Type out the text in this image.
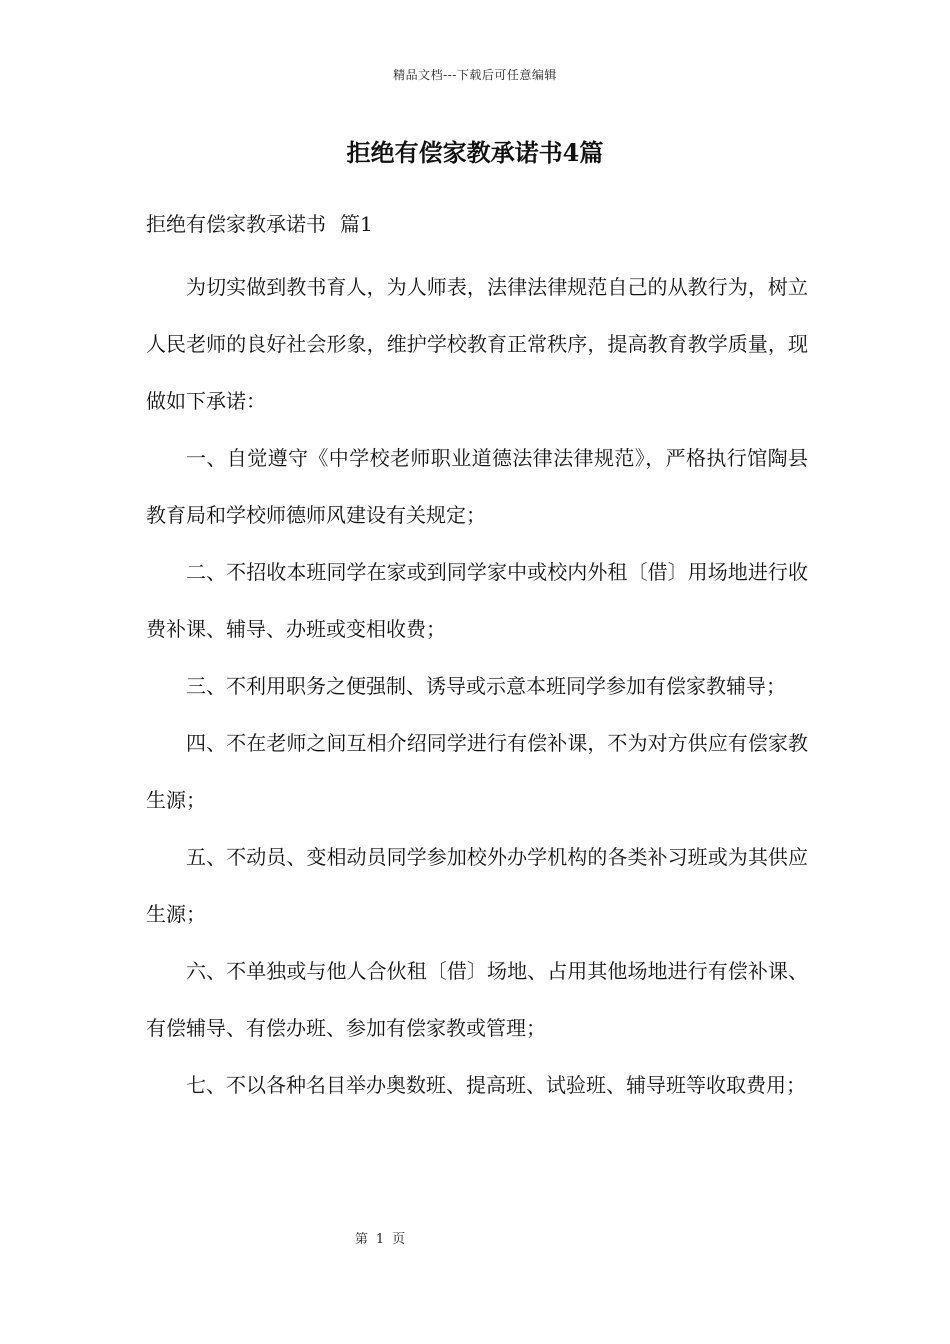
精品文档---下载后可任意编辑
拒绝有偿家教承诺书4篇
拒绝有偿家教承诺书 篇1

为切实做到教书育人，为人师表，法律法律规范自己的从教行为，树立人民老师的良好社会形象，维护学校教育正常秩序，提高教育教学质量，现做如下承诺：

一、自觉遵守《中学校老师职业道德法律法律规范》，严格执行馆陶县教育局和学校师德师风建设有关规定；

二、不招收本班同学在家或到同学家中或校内外租〔借〕用场地进行收费补课、辅导、办班或变相收费；

三、不利用职务之便强制、诱导或示意本班同学参加有偿家教辅导；

四、不在老师之间互相介绍同学进行有偿补课，不为对方供应有偿家教生源；

五、不动员、变相动员同学参加校外办学机构的各类补习班或为其供应生源；

六、不单独或与他人合伙租〔借〕场地、占用其他场地进行有偿补课、有偿辅导、有偿办班、参加有偿家教或管理；

七、不以各种名目举办奥数班、提高班、试验班、辅导班等收取费用；

第 1 页
